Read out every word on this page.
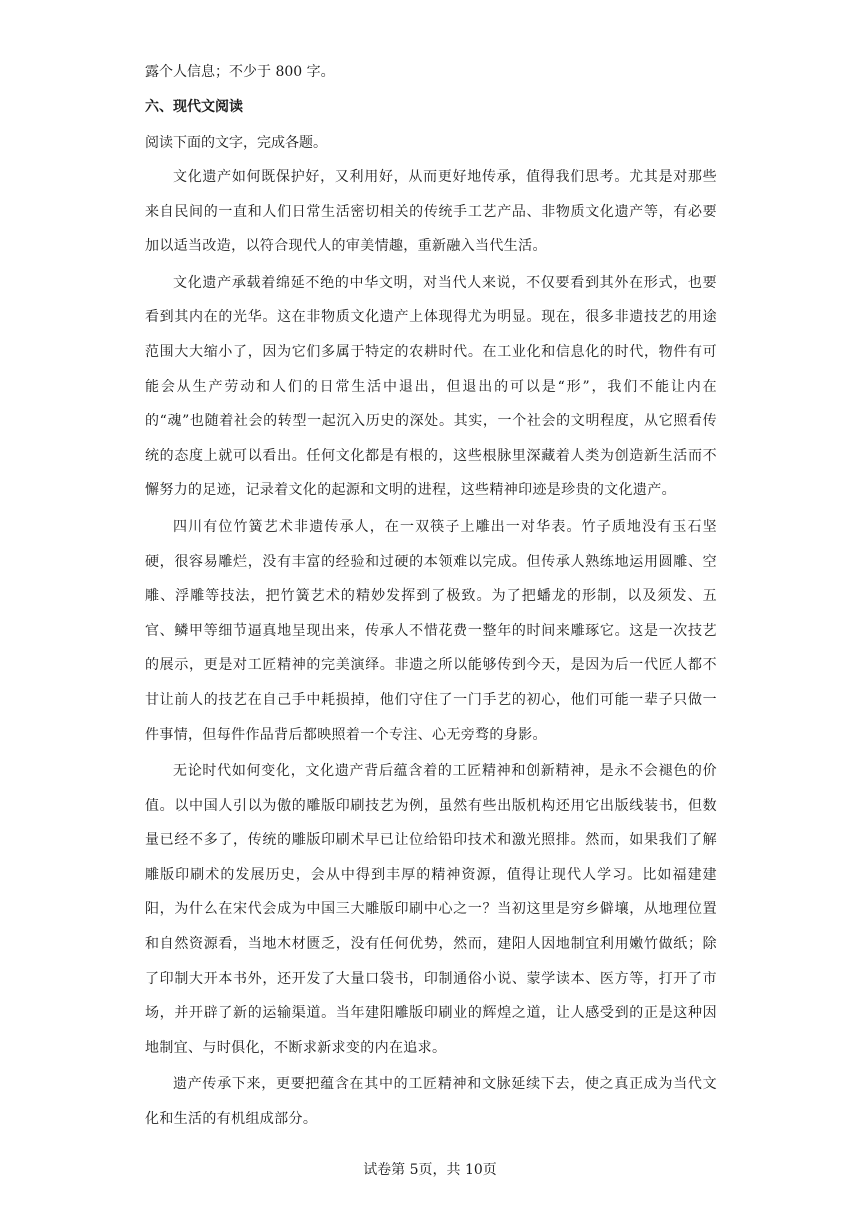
露个人信息；不少于 800 字。

六、现代文阅读

阅读下面的文字，完成各题。

文化遗产如何既保护好，又利用好，从而更好地传承，值得我们思考。尤其是对那些来自民间的一直和人们日常生活密切相关的传统手工艺产品、非物质文化遗产等，有必要加以适当改造，以符合现代人的审美情趣，重新融入当代生活。

文化遗产承载着绵延不绝的中华文明，对当代人来说，不仅要看到其外在形式，也要看到其内在的光华。这在非物质文化遗产上体现得尤为明显。现在，很多非遗技艺的用途范围大大缩小了，因为它们多属于特定的农耕时代。在工业化和信息化的时代，物件有可能会从生产劳动和人们的日常生活中退出，但退出的可以是“形”，我们不能让内在的“魂”也随着社会的转型一起沉入历史的深处。其实，一个社会的文明程度，从它照看传统的态度上就可以看出。任何文化都是有根的，这些根脉里深藏着人类为创造新生活而不懈努力的足迹，记录着文化的起源和文明的进程，这些精神印迹是珍贵的文化遗产。

四川有位竹簧艺术非遗传承人，在一双筷子上雕出一对华表。竹子质地没有玉石坚硬，很容易雕烂，没有丰富的经验和过硬的本领难以完成。但传承人熟练地运用圆雕、空雕、浮雕等技法，把竹簧艺术的精妙发挥到了极致。为了把蟠龙的形制，以及须发、五官、鳞甲等细节逼真地呈现出来，传承人不惜花费一整年的时间来雕琢它。这是一次技艺的展示，更是对工匠精神的完美演绎。非遗之所以能够传到今天，是因为后一代匠人都不甘让前人的技艺在自己手中耗损掉，他们守住了一门手艺的初心，他们可能一辈子只做一件事情，但每件作品背后都映照着一个专注、心无旁骛的身影。

无论时代如何变化，文化遗产背后蕴含着的工匠精神和创新精神，是永不会褪色的价值。以中国人引以为傲的雕版印刷技艺为例，虽然有些出版机构还用它出版线装书，但数量已经不多了，传统的雕版印刷术早已让位给铅印技术和激光照排。然而，如果我们了解雕版印刷术的发展历史，会从中得到丰厚的精神资源，值得让现代人学习。比如福建建阳，为什么在宋代会成为中国三大雕版印刷中心之一？当初这里是穷乡僻壤，从地理位置和自然资源看，当地木材匮乏，没有任何优势，然而，建阳人因地制宜利用嫩竹做纸；除了印制大开本书外，还开发了大量口袋书，印制通俗小说、蒙学读本、医方等，打开了市场，并开辟了新的运输渠道。当年建阳雕版印刷业的辉煌之道，让人感受到的正是这种因地制宜、与时俱化，不断求新求变的内在追求。

遗产传承下来，更要把蕴含在其中的工匠精神和文脉延续下去，使之真正成为当代文化和生活的有机组成部分。

试卷第 5页，共 10页
